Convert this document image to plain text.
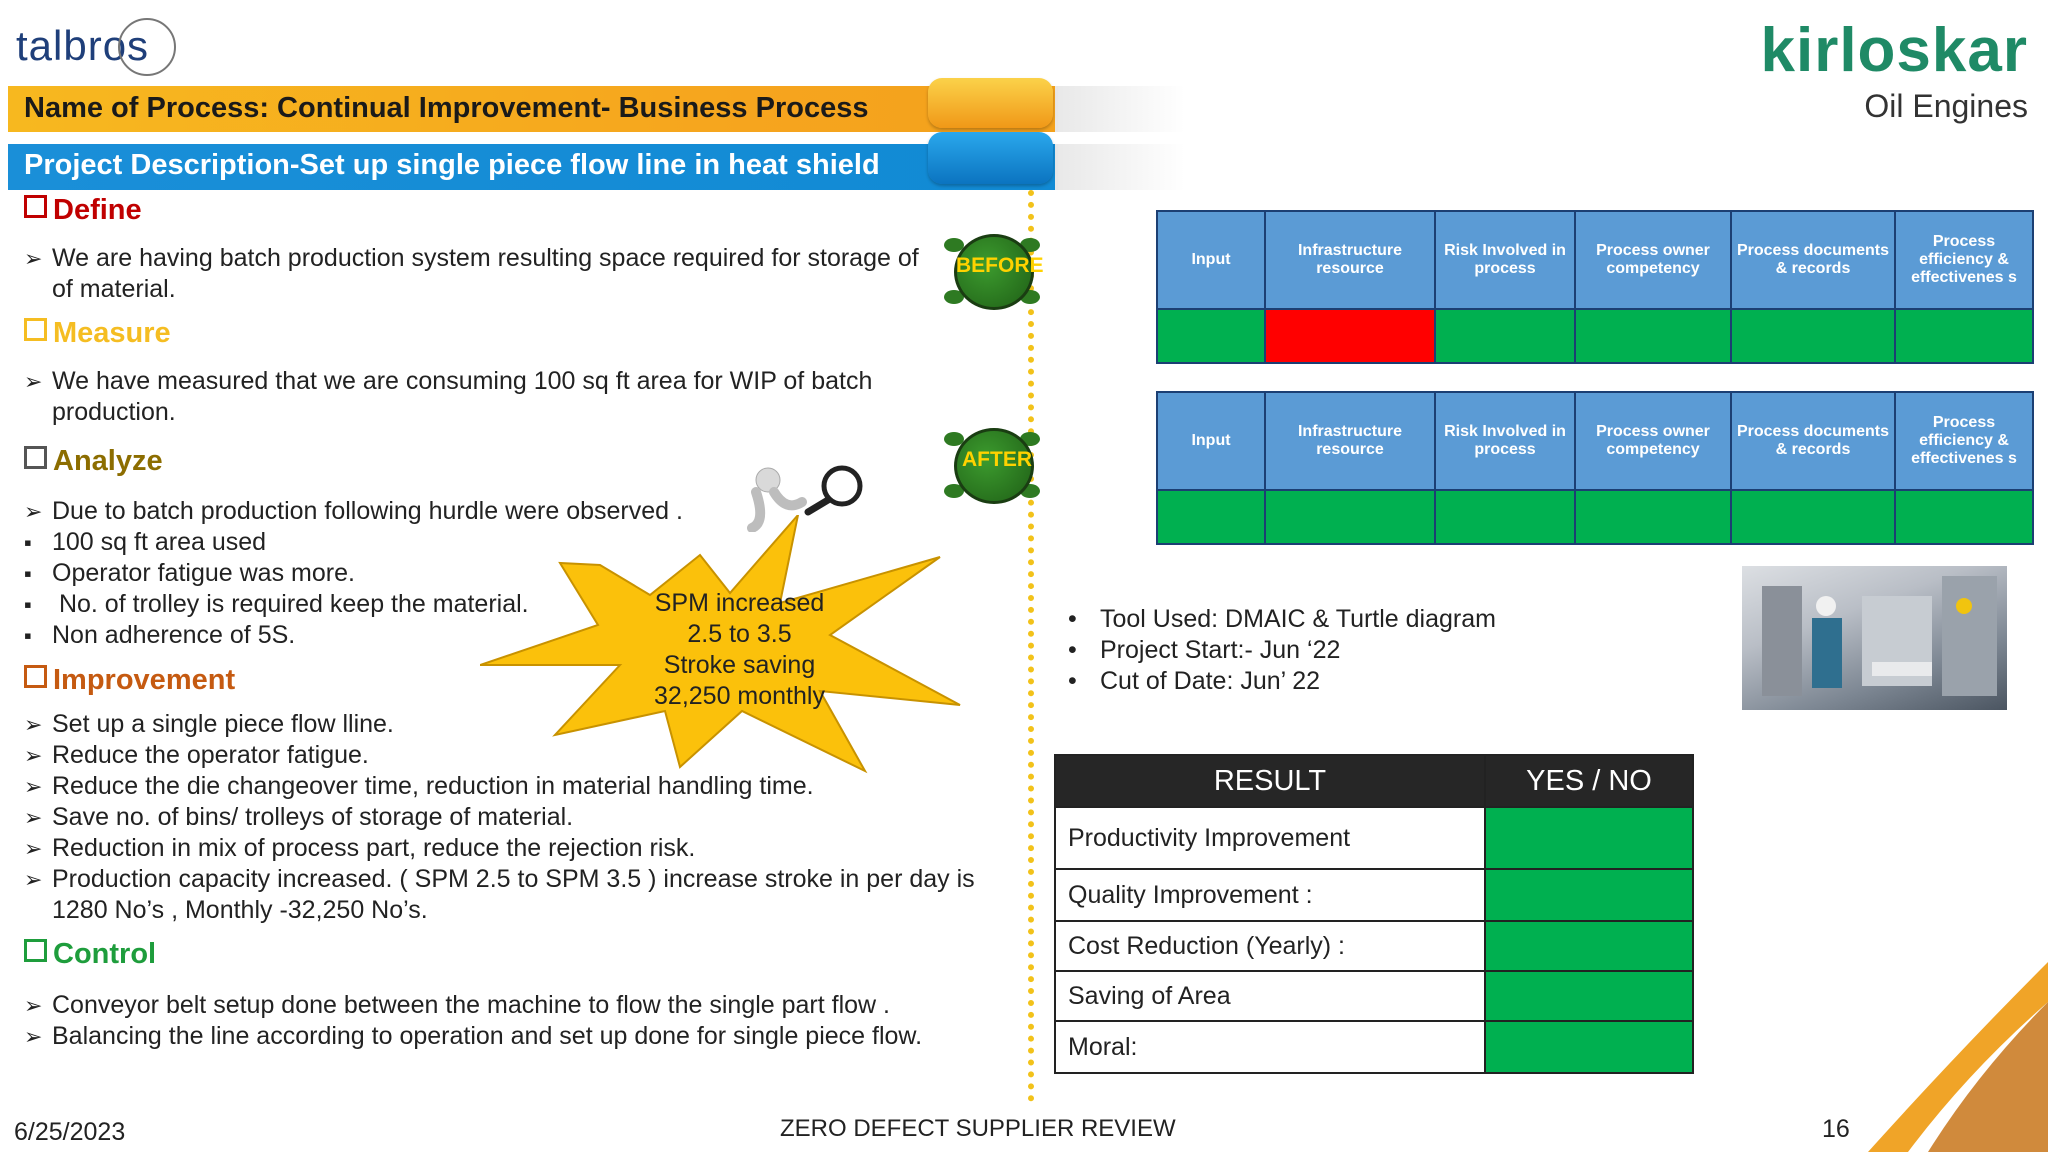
talbros	kirloskar
Oil Engines
Name of Process: Continual Improvement- Business Process
Project Description-Set up single piece flow line in heat shield
Define
➢ We are having batch production system resulting space required for storage of
of material.
Measure
➢ We have measured that we are consuming 100 sq ft area for WIP of batch
production.
Analyze
➢ Due to batch production following hurdle were observed .
▪ 100 sq ft area used
▪ Operator fatigue was more.
▪ No. of trolley is required keep the material.
▪ Non adherence of 5S.
Improvement
➢ Set up a single piece flow lline.
➢ Reduce the operator fatigue.
➢ Reduce the die changeover time, reduction in material handling time.
➢ Save no. of bins/ trolleys of storage of material.
➢ Reduction in mix of process part, reduce the rejection risk.
➢ Production capacity increased. ( SPM 2.5 to SPM 3.5 ) increase stroke in per day is
1280 No’s , Monthly -32,250 No’s.
Control
➢ Conveyor belt setup done between the machine to flow the single part flow .
➢ Balancing the line according to operation and set up done for single piece flow.
SPM increased
2.5 to 3.5
Stroke saving
32,250 monthly
BEFORE
AFTER
Input	Infrastructure resource	Risk Involved in process	Process owner competency	Process documents & records	Process efficiency & effectivenes s

Input	Infrastructure resource	Risk Involved in process	Process owner competency	Process documents & records	Process efficiency & effectivenes s

• Tool Used: DMAIC & Turtle diagram
• Project Start:- Jun ‘22
• Cut of Date: Jun’ 22
RESULT	YES / NO
Productivity Improvement	
Quality Improvement :	
Cost Reduction (Yearly) :	
Saving of Area	
Moral:	
6/25/2023	ZERO DEFECT SUPPLIER REVIEW	16
